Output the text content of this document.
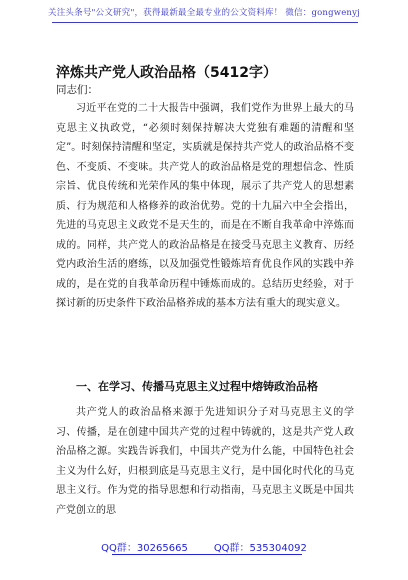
关注头条号"公文研究"，获得最新最全最专业的公文资料库！ 微信：gongwenyj
淬炼共产党人政治品格（5412字）
同志们：

习近平在党的二十大报告中强调，我们党作为世界上最大的马克思主义执政党，“必须时刻保持解决大党独有难题的清醒和坚定”。时刻保持清醒和坚定，实质就是保持共产党人的政治品格不变色、不变质、不变味。共产党人的政治品格是党的理想信念、性质宗旨、优良传统和光荣作风的集中体现，展示了共产党人的思想素质、行为规范和人格修养的政治优势。党的十九届六中全会指出，先进的马克思主义政党不是天生的，而是在不断自我革命中淬炼而成的。同样，共产党人的政治品格是在接受马克思主义教育、历经党内政治生活的磨练，以及加强党性锻炼培育优良作风的实践中养成的，是在党的自我革命历程中锤炼而成的。总结历史经验，对于探讨新的历史条件下政治品格养成的基本方法有重大的现实意义。

一、在学习、传播马克思主义过程中熔铸政治品格

共产党人的政治品格来源于先进知识分子对马克思主义的学习、传播，是在创建中国共产党的过程中铸就的，这是共产党人政治品格之源。实践告诉我们，中国共产党为什么能，中国特色社会主义为什么好，归根到底是马克思主义行，是中国化时代化的马克思主义行。作为党的指导思想和行动指南，马克思主义既是中国共产党创立的思

QQ群：30265665	QQ群：535304092
